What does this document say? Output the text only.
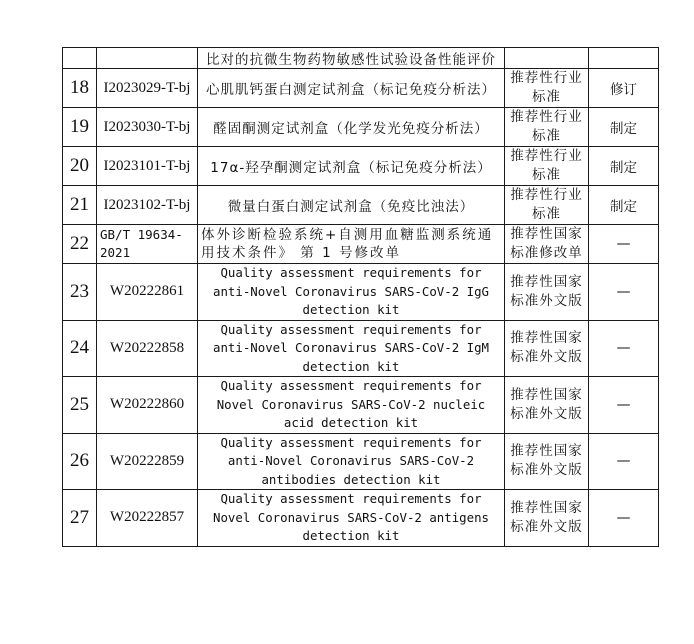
		比对的抗微生物药物敏感性试验设备性能评价		
18	I2023029-T-bj	心肌肌钙蛋白测定试剂盒（标记免疫分析法）	推荐性行业标准	修订
19	I2023030-T-bj	醛固酮测定试剂盒（化学发光免疫分析法）	推荐性行业标准	制定
20	I2023101-T-bj	17α-羟孕酮测定试剂盒（标记免疫分析法）	推荐性行业标准	制定
21	I2023102-T-bj	微量白蛋白测定试剂盒（免疫比浊法）	推荐性行业标准	制定
22	GB/T 19634-2021	体外诊断检验系统+自测用血糖监测系统通用技术条件》 第 1 号修改单	推荐性国家标准修改单	—
23	W20222861	Quality assessment requirements for anti-Novel Coronavirus SARS-CoV-2 IgG detection kit	推荐性国家标准外文版	—
24	W20222858	Quality assessment requirements for anti-Novel Coronavirus SARS-CoV-2 IgM detection kit	推荐性国家标准外文版	—
25	W20222860	Quality assessment requirements for Novel Coronavirus SARS-CoV-2 nucleic acid detection kit	推荐性国家标准外文版	—
26	W20222859	Quality assessment requirements for anti-Novel Coronavirus SARS-CoV-2 antibodies detection kit	推荐性国家标准外文版	—
27	W20222857	Quality assessment requirements for Novel Coronavirus SARS-CoV-2 antigens detection kit	推荐性国家标准外文版	—
